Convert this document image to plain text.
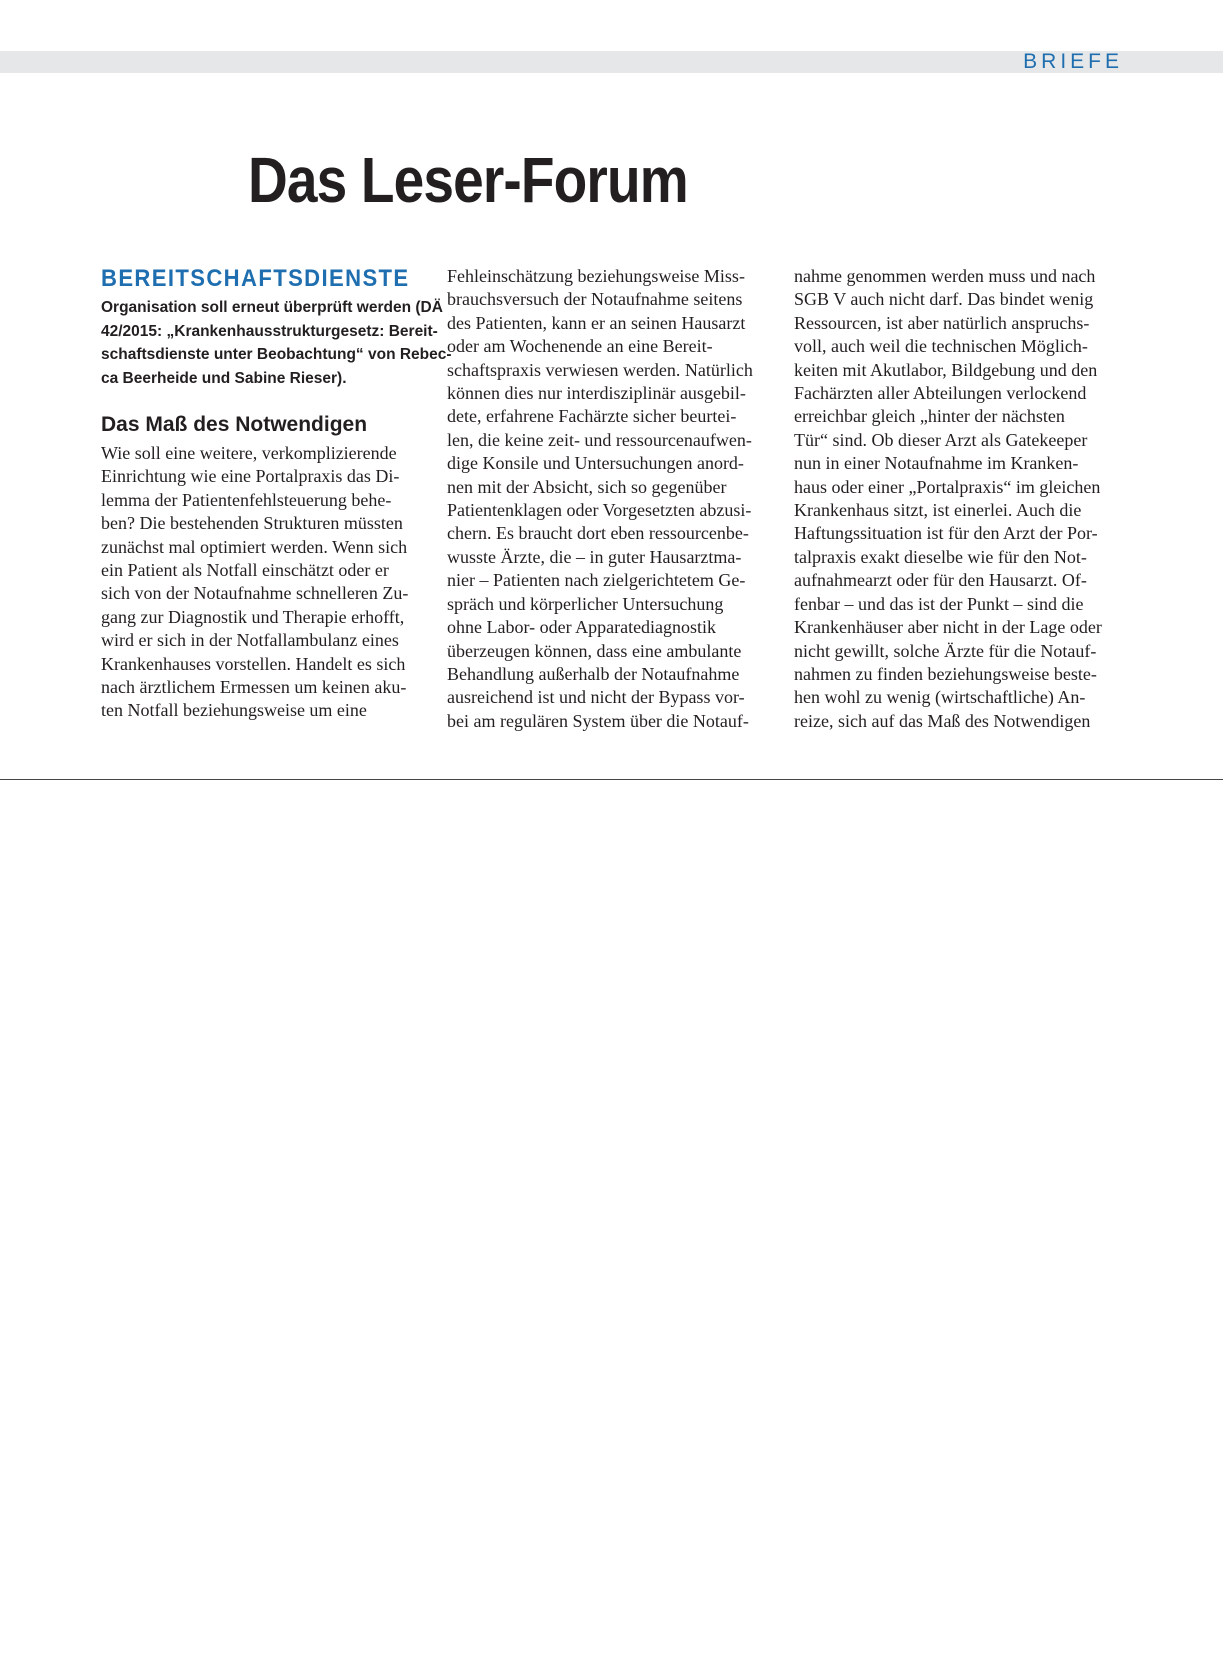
BRIEFE
Das Leser-Forum
BEREITSCHAFTSDIENSTE
Organisation soll erneut überprüft werden (DÄ
42/2015: „Krankenhausstrukturgesetz: Bereit-
schaftsdienste unter Beobachtung“ von Rebec-
ca Beerheide und Sabine Rieser).
Das Maß des Notwendigen
Wie soll eine weitere, verkomplizierende
Einrichtung wie eine Portalpraxis das Di-
lemma der Patientenfehlsteuerung behe-
ben? Die bestehenden Strukturen müssten
zunächst mal optimiert werden. Wenn sich
ein Patient als Notfall einschätzt oder er
sich von der Notaufnahme schnelleren Zu-
gang zur Diagnostik und Therapie erhofft,
wird er sich in der Notfallambulanz eines
Krankenhauses vorstellen. Handelt es sich
nach ärztlichem Ermessen um keinen aku-
ten Notfall beziehungsweise um eine
Fehleinschätzung beziehungsweise Miss-
brauchsversuch der Notaufnahme seitens
des Patienten, kann er an seinen Hausarzt
oder am Wochenende an eine Bereit-
schaftspraxis verwiesen werden. Natürlich
können dies nur interdisziplinär ausgebil-
dete, erfahrene Fachärzte sicher beurtei-
len, die keine zeit- und ressourcenaufwen-
dige Konsile und Untersuchungen anord-
nen mit der Absicht, sich so gegenüber
Patientenklagen oder Vorgesetzten abzusi-
chern. Es braucht dort eben ressourcenbe-
wusste Ärzte, die – in guter Hausarztma-
nier – Patienten nach zielgerichtetem Ge-
spräch und körperlicher Untersuchung
ohne Labor- oder Apparatediagnostik
überzeugen können, dass eine ambulante
Behandlung außerhalb der Notaufnahme
ausreichend ist und nicht der Bypass vor-
bei am regulären System über die Notauf-
nahme genommen werden muss und nach
SGB V auch nicht darf. Das bindet wenig
Ressourcen, ist aber natürlich anspruchs-
voll, auch weil die technischen Möglich-
keiten mit Akutlabor, Bildgebung und den
Fachärzten aller Abteilungen verlockend
erreichbar gleich „hinter der nächsten
Tür“ sind. Ob dieser Arzt als Gatekeeper
nun in einer Notaufnahme im Kranken-
haus oder einer „Portalpraxis“ im gleichen
Krankenhaus sitzt, ist einerlei. Auch die
Haftungssituation ist für den Arzt der Por-
talpraxis exakt dieselbe wie für den Not-
aufnahmearzt oder für den Hausarzt. Of-
fenbar – und das ist der Punkt – sind die
Krankenhäuser aber nicht in der Lage oder
nicht gewillt, solche Ärzte für die Notauf-
nahmen zu finden beziehungsweise beste-
hen wohl zu wenig (wirtschaftliche) An-
reize, sich auf das Maß des Notwendigen
